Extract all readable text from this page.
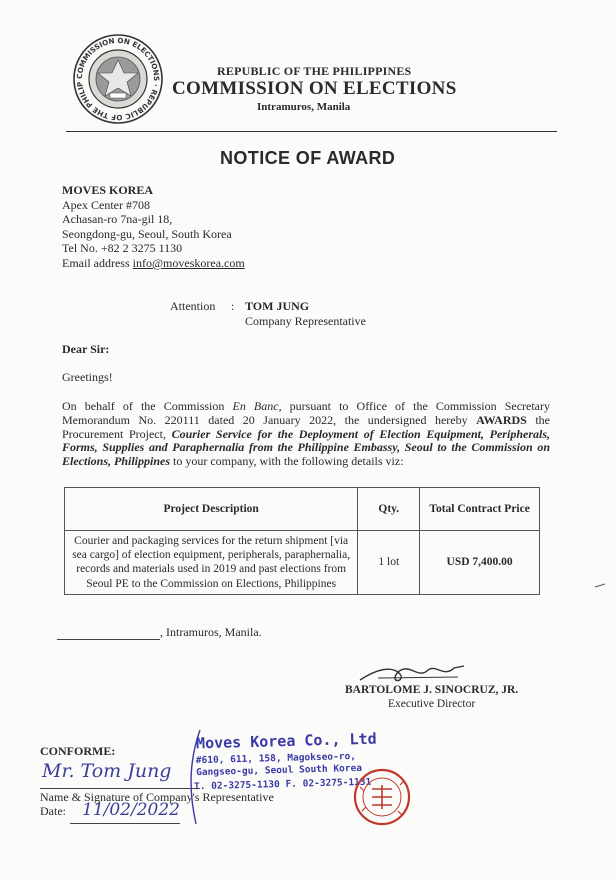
COMMISSION ON ELECTIONS · REPUBLIC OF THE PHILIP
REPUBLIC OF THE PHILIPPINES
COMMISSION ON ELECTIONS
Intramuros, Manila
NOTICE OF AWARD
MOVES KOREA
Apex Center #708
Achasan-ro 7na-gil 18,
Seongdong-gu, Seoul, South Korea
Tel No. +82 2 3275 1130
Email address info@moveskorea.com
Attention : TOM JUNG
Company Representative
Dear Sir:
Greetings!
On behalf of the Commission En Banc, pursuant to Office of the Commission Secretary Memorandum No. 220111 dated 20 January 2022, the undersigned hereby AWARDS the Procurement Project, Courier Service for the Deployment of Election Equipment, Peripherals, Forms, Supplies and Paraphernalia from the Philippine Embassy, Seoul to the Commission on Elections, Philippines to your company, with the following details viz:
Project Description	Qty.	Total Contract Price
Courier and packaging services for the return shipment [via sea cargo] of election equipment, peripherals, paraphernalia, records and materials used in 2019 and past elections from Seoul PE to the Commission on Elections, Philippines	1 lot	USD 7,400.00
, Intramuros, Manila.
BARTOLOME J. SINOCRUZ, JR.
Executive Director
CONFORME:
Mr. Tom Jung
Name & Signature of Company's Representative
Date: 11/02/2022
Moves Korea Co., Ltd
#610, 611, 158, Magokseo-ro,
Gangseo-gu, Seoul South Korea
T. 02-3275-1130 F. 02-3275-1131
